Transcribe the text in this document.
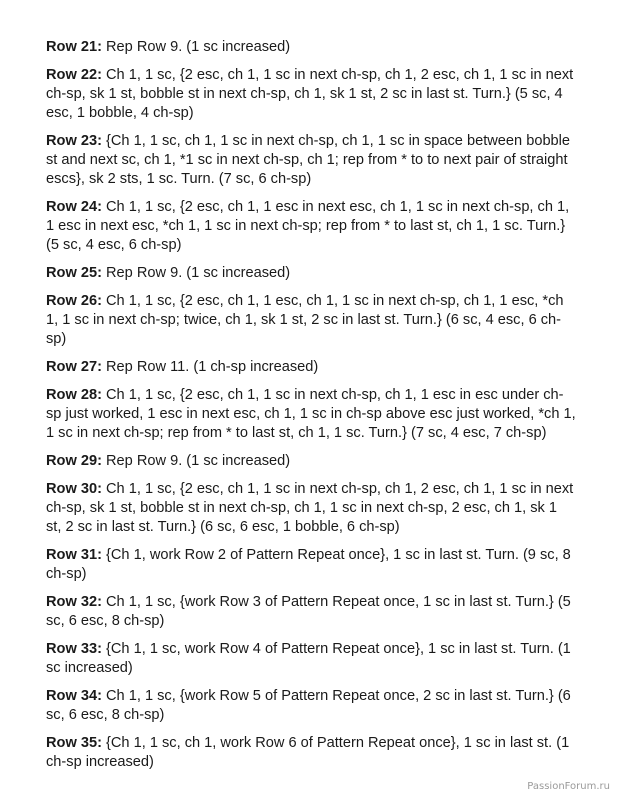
Row 21: Rep Row 9. (1 sc increased)

Row 22: Ch 1, 1 sc, {2 esc, ch 1, 1 sc in next ch-sp, ch 1, 2 esc, ch 1, 1 sc in next ch-sp, sk 1 st, bobble st in next ch-sp, ch 1, sk 1 st, 2 sc in last st. Turn.} (5 sc, 4 esc, 1 bobble, 4 ch-sp)

Row 23: {Ch 1, 1 sc, ch 1, 1 sc in next ch-sp, ch 1, 1 sc in space between bobble st and next sc, ch 1, *1 sc in next ch-sp, ch 1; rep from * to to next pair of straight escs}, sk 2 sts, 1 sc. Turn. (7 sc, 6 ch-sp)

Row 24: Ch 1, 1 sc, {2 esc, ch 1, 1 esc in next esc, ch 1, 1 sc in next ch-sp, ch 1, 1 esc in next esc, *ch 1, 1 sc in next ch-sp; rep from * to last st, ch 1, 1 sc. Turn.} (5 sc, 4 esc, 6 ch-sp)

Row 25: Rep Row 9. (1 sc increased)

Row 26: Ch 1, 1 sc, {2 esc, ch 1, 1 esc, ch 1, 1 sc in next ch-sp, ch 1, 1 esc, *ch 1, 1 sc in next ch-sp; twice, ch 1, sk 1 st, 2 sc in last st. Turn.} (6 sc, 4 esc, 6 ch-sp)

Row 27: Rep Row 11. (1 ch-sp increased)

Row 28: Ch 1, 1 sc, {2 esc, ch 1, 1 sc in next ch-sp, ch 1, 1 esc in esc under ch-sp just worked, 1 esc in next esc, ch 1, 1 sc in ch-sp above esc just worked, *ch 1, 1 sc in next ch-sp; rep from * to last st, ch 1, 1 sc. Turn.} (7 sc, 4 esc, 7 ch-sp)

Row 29: Rep Row 9. (1 sc increased)

Row 30: Ch 1, 1 sc, {2 esc, ch 1, 1 sc in next ch-sp, ch 1, 2 esc, ch 1, 1 sc in next ch-sp, sk 1 st, bobble st in next ch-sp, ch 1, 1 sc in next ch-sp, 2 esc, ch 1, sk 1 st, 2 sc in last st. Turn.} (6 sc, 6 esc, 1 bobble, 6 ch-sp)

Row 31: {Ch 1, work Row 2 of Pattern Repeat once}, 1 sc in last st. Turn. (9 sc, 8 ch-sp)

Row 32: Ch 1, 1 sc, {work Row 3 of Pattern Repeat once, 1 sc in last st. Turn.} (5 sc, 6 esc, 8 ch-sp)

Row 33: {Ch 1, 1 sc, work Row 4 of Pattern Repeat once}, 1 sc in last st. Turn. (1 sc increased)

Row 34: Ch 1, 1 sc, {work Row 5 of Pattern Repeat once, 2 sc in last st. Turn.} (6 sc, 6 esc, 8 ch-sp)

Row 35: {Ch 1, 1 sc, ch 1, work Row 6 of Pattern Repeat once}, 1 sc in last st. (1 ch-sp increased)

PassionForum.ru
